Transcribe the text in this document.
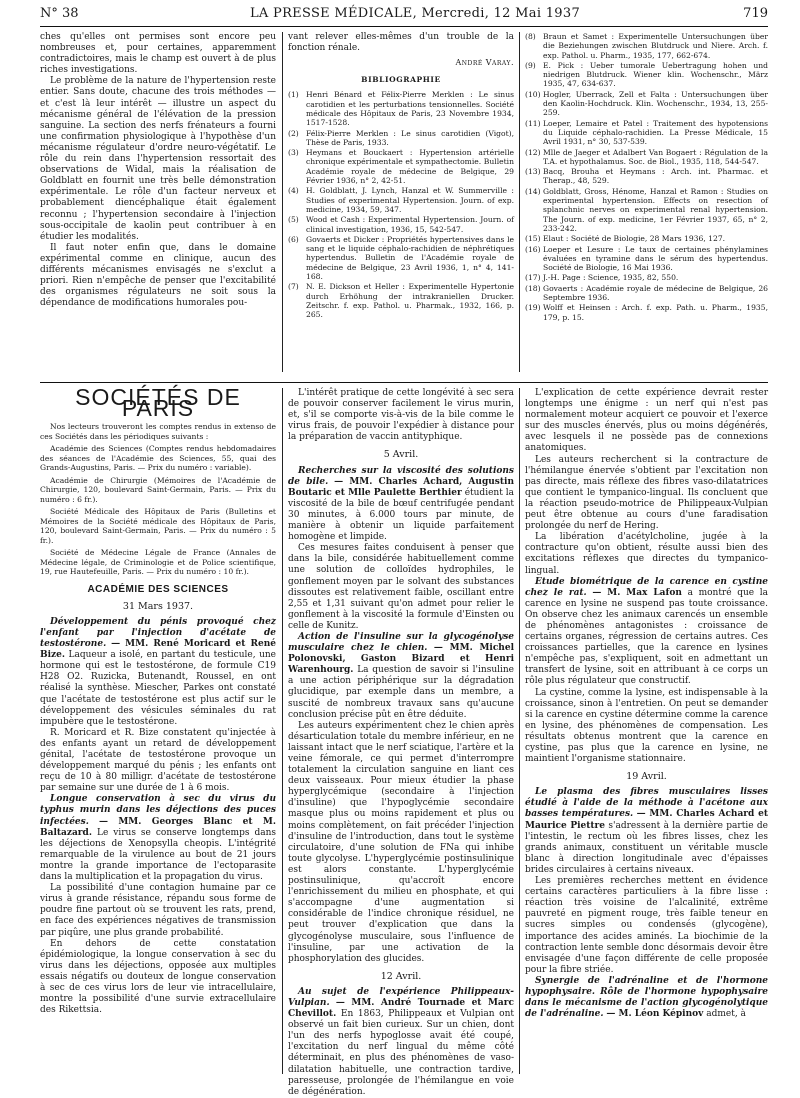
N° 38	LA PRESSE MÉDICALE, Mercredi, 12 Mai 1937	719

ches qu'elles ont permises sont encore peu nombreuses et, pour certaines, apparemment contradictoires, mais le champ est ouvert à de plus riches investigations.

Le problème de la nature de l'hypertension reste entier. Sans doute, chacune des trois méthodes — et c'est là leur intérêt — illustre un aspect du mécanisme général de l'élévation de la pression sanguine. La section des nerfs frénateurs a fourni une confirmation physiologique à l'hypothèse d'un mécanisme régulateur d'ordre neuro-végétatif. Le rôle du rein dans l'hypertension ressortait des observations de Widal, mais la réalisation de Goldblatt en fournit une très belle démonstration expérimentale. Le rôle d'un facteur nerveux et probablement diencéphalique était également reconnu ; l'hypertension secondaire à l'injection sous-occipitale de kaolin peut contribuer à en étudier les modalités.

Il faut noter enfin que, dans le domaine expérimental comme en clinique, aucun des différents mécanismes envisagés ne s'exclut a priori. Rien n'empêche de penser que l'excitabilité des organismes régulateurs ne soit sous la dépendance de modifications humorales pou-

vant relever elles-mêmes d'un trouble de la fonction rénale.

André Varay.
BIBLIOGRAPHIE
(1) Henri Bénard et Félix-Pierre Merklen : Le sinus carotidien et les perturbations tensionnelles. Société médicale des Hôpitaux de Paris, 23 Novembre 1934, 1517-1528.
(2) Félix-Pierre Merklen : Le sinus carotidien (Vigot), Thèse de Paris, 1933.
(3) Heymans et Bouckaert : Hypertension artérielle chronique expérimentale et sympathectomie. Bulletin Académie royale de médecine de Belgique, 29 Février 1936, n° 2, 42-51.
(4) H. Goldblatt, J. Lynch, Hanzal et W. Summerville : Studies of experimental Hypertension. Journ. of exp. medicine, 1934, 59, 347.
(5) Wood et Cash : Experimental Hypertension. Journ. of clinical investigation, 1936, 15, 542-547.
(6) Govaerts et Dicker : Propriétés hypertensives dans le sang et le liquide céphalo-rachidien de néphrétiques hypertendus. Bulletin de l'Académie royale de médecine de Belgique, 23 Avril 1936, 1, n° 4, 141-168.
(7) N. E. Dickson et Heller : Experimentelle Hypertonie durch Erhöhung der intrakraniellen Drucker. Zeitschr. f. exp. Pathol. u. Pharmak., 1932, 166, p. 265.
(8) Braun et Samet : Experimentelle Untersuchungen über die Beziehungen zwischen Blutdruck und Niere. Arch. f. exp. Pathol. u. Pharm., 1935, 177, 662-674.
(9) E. Pick : Ueber tumorale Uebertragung hohen und niedrigen Blutdruck. Wiener klin. Wochenschr., März 1935, 47, 634-637.
(10) Hogler, Uberrack, Zell et Falta : Untersuchungen über den Kaolin-Hochdruck. Klin. Wochenschr., 1934, 13, 255-259.
(11) Loeper, Lemaire et Patel : Traitement des hypotensions du Liquide céphalo-rachidien. La Presse Médicale, 15 Avril 1931, n° 30, 537-539.
(12) Mlle de Jaeger et Adalbert Van Bogaert : Régulation de la T.A. et hypothalamus. Soc. de Biol., 1935, 118, 544-547.
(13) Bacq, Brouha et Heymans : Arch. int. Pharmac. et Therap., 48, 529.
(14) Goldblatt, Gross, Hénome, Hanzal et Ramon : Studies on experimental hypertension. Effects on resection of splanchnic nerves on experimental renal hypertension. The Journ. of exp. medicine, 1er Février 1937, 65, n° 2, 233-242.
(15) Elaut : Société de Biologie, 28 Mars 1936, 127.
(16) Loeper et Lesure : Le taux de certaines phénylamines évaluées en tyramine dans le sérum des hypertendus. Société de Biologie, 16 Mai 1936.
(17) J.-H. Page : Science, 1935, 82, 550.
(18) Govaerts : Académie royale de médecine de Belgique, 26 Septembre 1936.
(19) Wolff et Heinsen : Arch. f. exp. Path. u. Pharm., 1935, 179, p. 15.
SOCIÉTÉS DE PARIS

Nos lecteurs trouveront les comptes rendus in extenso de ces Sociétés dans les périodiques suivants :

Académie des Sciences (Comptes rendus hebdomadaires des séances de l'Académie des Sciences, 55, quai des Grands-Augustins, Paris. — Prix du numéro : variable).

Académie de Chirurgie (Mémoires de l'Académie de Chirurgie, 120, boulevard Saint-Germain, Paris. — Prix du numéro : 6 fr.).

Société Médicale des Hôpitaux de Paris (Bulletins et Mémoires de la Société médicale des Hôpitaux de Paris, 120, boulevard Saint-Germain, Paris. — Prix du numéro : 5 fr.).

Société de Médecine Légale de France (Annales de Médecine légale, de Criminologie et de Police scientifique, 19, rue Hautefeuille, Paris. — Prix du numéro : 10 fr.).

ACADÉMIE DES SCIENCES
31 Mars 1937.

Développement du pénis provoqué chez l'enfant par l'injection d'acétate de testostérone. — MM. René Moricard et René Bize. Laqueur a isolé, en partant du testicule, une hormone qui est le testostérone, de formule C19 H28 O2. Ruzicka, Butenandt, Roussel, en ont réalisé la synthèse. Miescher, Parkes ont constaté que l'acétate de testostérone est plus actif sur le développement des vésicules séminales du rat impubère que le testostérone.

R. Moricard et R. Bize constatent qu'injectée à des enfants ayant un retard de développement génital, l'acétate de testostérone provoque un développement marqué du pénis ; les enfants ont reçu de 10 à 80 milligr. d'acétate de testostérone par semaine sur une durée de 1 à 6 mois.

Longue conservation à sec du virus du typhus murin dans les déjections des puces infectées. — MM. Georges Blanc et M. Baltazard. Le virus se conserve longtemps dans les déjections de Xenopsylla cheopis. L'intégrité remarquable de la virulence au bout de 21 jours montre la grande importance de l'ectoparasite dans la multiplication et la propagation du virus.

La possibilité d'une contagion humaine par ce virus à grande résistance, répandu sous forme de poudre fine partout où se trouvent les rats, prend, en face des expériences négatives de transmission par piqûre, une plus grande probabilité.

En dehors de cette constatation épidémiologique, la longue conservation à sec du virus dans les déjections, opposée aux multiples essais négatifs ou douteux de longue conservation à sec de ces virus lors de leur vie intracellulaire, montre la possibilité d'une survie extracellulaire des Rikettsia.

L'intérêt pratique de cette longévité à sec sera de pouvoir conserver facilement le virus murin, et, s'il se comporte vis-à-vis de la bile comme le virus frais, de pouvoir l'expédier à distance pour la préparation de vaccin antityphique.

5 Avril.

Recherches sur la viscosité des solutions de bile. — MM. Charles Achard, Augustin Boutaric et Mlle Paulette Berthier étudient la viscosité de la bile de bœuf centrifugée pendant 30 minutes, à 6.000 tours par minute, de manière à obtenir un liquide parfaitement homogène et limpide.

Ces mesures faites conduisent à penser que dans la bile, considérée habituellement comme une solution de colloïdes hydrophiles, le gonflement moyen par le solvant des substances dissoutes est relativement faible, oscillant entre 2,55 et 1,31 suivant qu'on admet pour relier le gonflement à la viscosité la formule d'Einsten ou celle de Kunitz.

Action de l'insuline sur la glycogénolyse musculaire chez le chien. — MM. Michel Polonovski, Gaston Bizard et Henri Warenhourg. La question de savoir si l'insuline a une action périphérique sur la dégradation glucidique, par exemple dans un membre, a suscité de nombreux travaux sans qu'aucune conclusion précise pût en être déduite.

Les auteurs expérimentent chez le chien après désarticulation totale du membre inférieur, en ne laissant intact que le nerf sciatique, l'artère et la veine fémorale, ce qui permet d'interrompre totalement la circulation sanguine en liant ces deux vaisseaux. Pour mieux étudier la phase hyperglycémique (secondaire à l'injection d'insuline) que l'hypoglycémie secondaire masque plus ou moins rapidement et plus ou moins complètement, on fait précéder l'injection d'insuline de l'introduction, dans tout le système circulatoire, d'une solution de FNa qui inhibe toute glycolyse. L'hyperglycémie postinsulinique est alors constante. L'hyperglycémie postinsulinique, qu'accroît encore l'enrichissement du milieu en phosphate, et qui s'accompagne d'une augmentation si considérable de l'indice chronique résiduel, ne peut trouver d'explication que dans la glycogénolyse musculaire, sous l'influence de l'insuline, par une activation de la phosphorylation des glucides.

12 Avril.

Au sujet de l'expérience Philippeaux-Vulpian. — MM. André Tournade et Marc Chevillot. En 1863, Philippeaux et Vulpian ont observé un fait bien curieux. Sur un chien, dont l'un des nerfs hypoglosse avait été coupé, l'excitation du nerf lingual du même côté déterminait, en plus des phénomènes de vaso-dilatation habituelle, une contraction tardive, paresseuse, prolongée de l'hémilangue en voie de dégénération.

L'explication de cette expérience devrait rester longtemps une énigme : un nerf qui n'est pas normalement moteur acquiert ce pouvoir et l'exerce sur des muscles énervés, plus ou moins dégénérés, avec lesquels il ne possède pas de connexions anatomiques.

Les auteurs recherchent si la contracture de l'hémilangue énervée s'obtient par l'excitation non pas directe, mais réflexe des fibres vaso-dilatatrices que contient le tympanico-lingual. Ils concluent que la réaction pseudo-motrice de Philippeaux-Vulpian peut être obtenue au cours d'une faradisation prolongée du nerf de Hering.

La libération d'acétylcholine, jugée à la contracture qu'on obtient, résulte aussi bien des excitations réflexes que directes du tympanico-lingual.

Etude biométrique de la carence en cystine chez le rat. — M. Max Lafon a montré que la carence en lysine ne suspend pas toute croissance. On observe chez les animaux carencés un ensemble de phénomènes antagonistes : croissance de certains organes, régression de certains autres. Ces croissances partielles, que la carence en lysines n'empêche pas, s'expliquent, soit en admettant un transfert de lysine, soit en attribuant à ce corps un rôle plus régulateur que constructif.

La cystine, comme la lysine, est indispensable à la croissance, sinon à l'entretien. On peut se demander si la carence en cystine détermine comme la carence en lysine, des phénomènes de compensation. Les résultats obtenus montrent que la carence en cystine, pas plus que la carence en lysine, ne maintient l'organisme stationnaire.

19 Avril.

Le plasma des fibres musculaires lisses étudié à l'aide de la méthode à l'acétone aux basses températures. — MM. Charles Achard et Maurice Piettre s'adressent à la dernière partie de l'intestin, le rectum où les fibres lisses, chez les grands animaux, constituent un véritable muscle blanc à direction longitudinale avec d'épaisses brides circulaires à certains niveaux.

Les premières recherches mettent en évidence certains caractères particuliers à la fibre lisse : réaction très voisine de l'alcalinité, extrême pauvreté en pigment rouge, très faible teneur en sucres simples ou condensés (glycogène), importance des acides aminés. La biochimie de la contraction lente semble donc désormais devoir être envisagée d'une façon différente de celle proposée pour la fibre striée.

Synergie de l'adrénaline et de l'hormone hypophysaire. Rôle de l'hormone hypophysaire dans le mécanisme de l'action glycogénolytique de l'adrénaline. — M. Léon Képinov admet, à
